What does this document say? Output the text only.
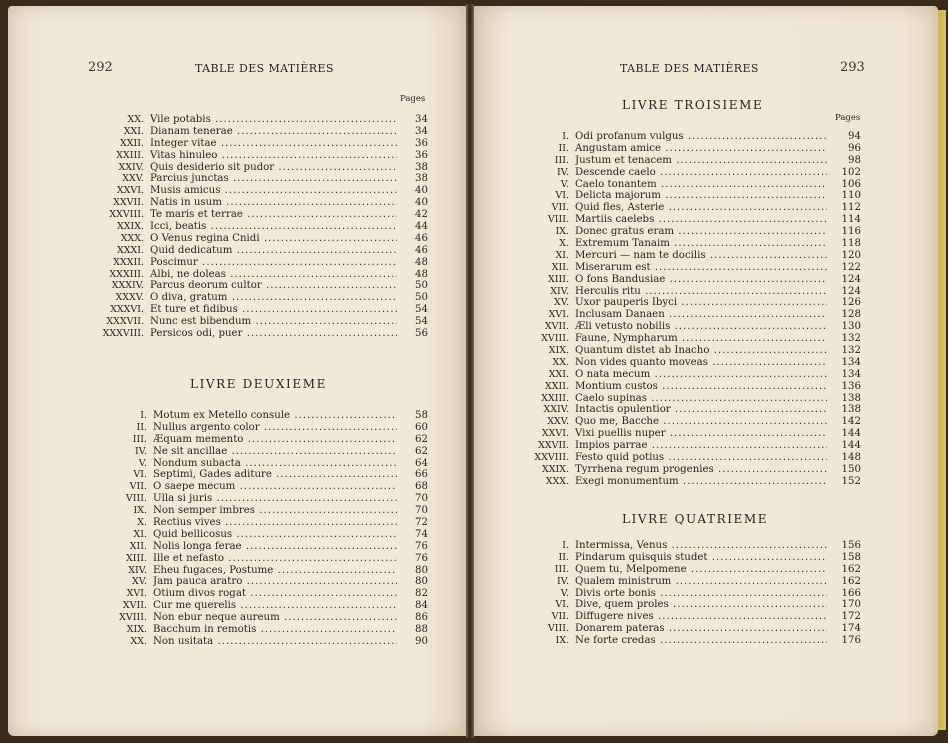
292	TABLE DES MATIÈRES
Pages
XX. Vile potabis .....	34
XXI. Dianam tenerae .....	34
XXII. Integer vitae .....	36
XXIII. Vitas hinuleo .....	36
XXIV. Quis desiderio sit pudor .....	38
XXV. Parcius junctas .....	38
XXVI. Musis amicus .....	40
XXVII. Natis in usum .....	40
XXVIII. Te maris et terrae .....	42
XXIX. Icci, beatis .....	44
XXX. O Venus regina Cnidi .....	46
XXXI. Quid dedicatum .....	46
XXXII. Poscimur .....	48
XXXIII. Albi, ne doleas .....	48
XXXIV. Parcus deorum cultor .....	50
XXXV. O diva, gratum .....	50
XXXVI. Et ture et fidibus .....	54
XXXVII. Nunc est bibendum .....	54
XXXVIII. Persicos odi, puer .....	56
LIVRE DEUXIEME
I. Motum ex Metello consule .....	58
II. Nullus argento color .....	60
III. Æquam memento .....	62
IV. Ne sit ancillae .....	62
V. Nondum subacta .....	64
VI. Septimi, Gades aditure .....	66
VII. O saepe mecum .....	68
VIII. Ulla si juris .....	70
IX. Non semper imbres .....	70
X. Rectius vives .....	72
XI. Quid bellicosus .....	74
XII. Nolis longa ferae .....	76
XIII. Ille et nefasto .....	76
XIV. Eheu fugaces, Postume .....	80
XV. Jam pauca aratro .....	80
XVI. Otium divos rogat .....	82
XVII. Cur me querelis .....	84
XVIII. Non ebur neque aureum .....	86
XIX. Bacchum in remotis .....	88
XX. Non usitata .....	90
TABLE DES MATIÈRES	293
LIVRE TROISIEME
Pages
I. Odi profanum vulgus .....	94
II. Angustam amice .....	96
III. Justum et tenacem .....	98
IV. Descende caelo .....	102
V. Caelo tonantem .....	106
VI. Delicta majorum .....	110
VII. Quid fles, Asterie .....	112
VIII. Martiis caelebs .....	114
IX. Donec gratus eram .....	116
X. Extremum Tanaim .....	118
XI. Mercuri — nam te docilis .....	120
XII. Miserarum est .....	122
XIII. O fons Bandusiae .....	124
XIV. Herculis ritu .....	124
XV. Uxor pauperis Ibyci .....	126
XVI. Inclusam Danaen .....	128
XVII. Æli vetusto nobilis .....	130
XVIII. Faune, Nympharum .....	132
XIX. Quantum distet ab Inacho .....	132
XX. Non vides quanto moveas .....	134
XXI. O nata mecum .....	134
XXII. Montium custos .....	136
XXIII. Caelo supinas .....	138
XXIV. Intactis opulentior .....	138
XXV. Quo me, Bacche .....	142
XXVI. Vixi puellis nuper .....	144
XXVII. Impios parrae .....	144
XXVIII. Festo quid potius .....	148
XXIX. Tyrrhena regum progenies .....	150
XXX. Exegi monumentum .....	152
LIVRE QUATRIEME
I. Intermissa, Venus .....	156
II. Pindarum quisquis studet .....	158
III. Quem tu, Melpomene .....	162
IV. Qualem ministrum .....	162
V. Divis orte bonis .....	166
VI. Dive, quem proles .....	170
VII. Diffugere nives .....	172
VIII. Donarem pateras .....	174
IX. Ne forte credas .....	176
